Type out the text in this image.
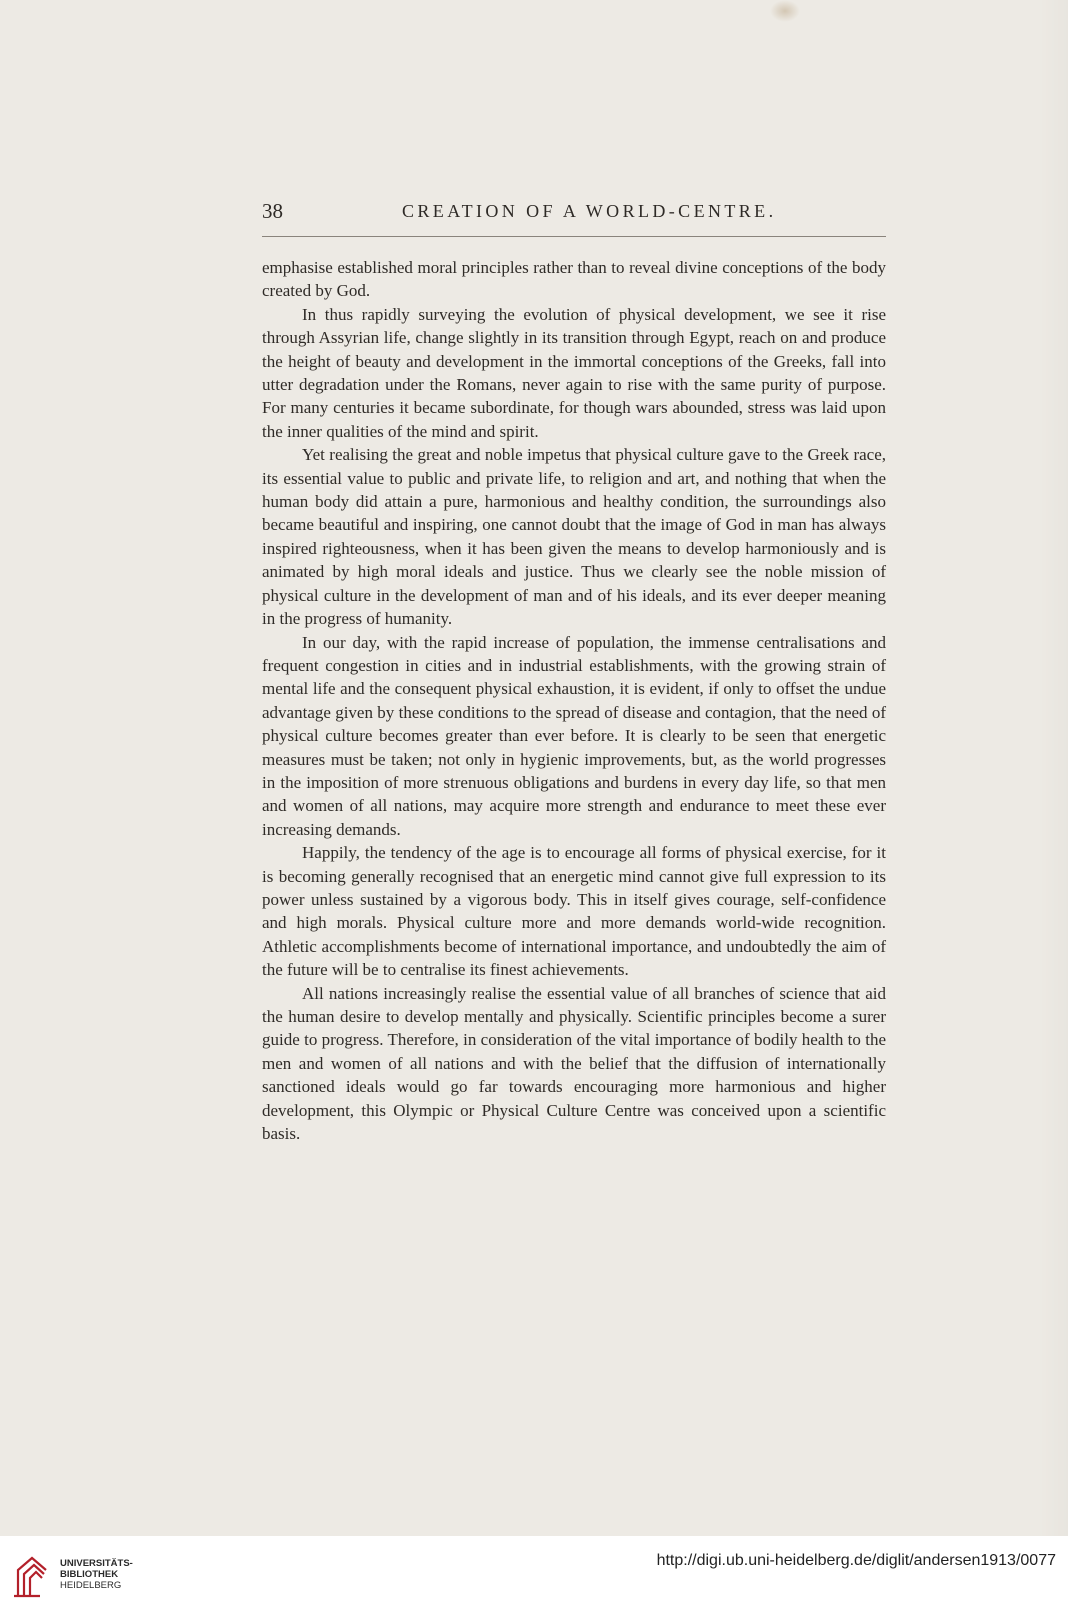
38	CREATION OF A WORLD-CENTRE.

emphasise established moral principles rather than to reveal divine conceptions of the body created by God.

In thus rapidly surveying the evolution of physical development, we see it rise through Assyrian life, change slightly in its transition through Egypt, reach on and produce the height of beauty and development in the immortal conceptions of the Greeks, fall into utter degradation under the Romans, never again to rise with the same purity of purpose. For many centuries it became subordinate, for though wars abounded, stress was laid upon the inner qualities of the mind and spirit.

Yet realising the great and noble impetus that physical culture gave to the Greek race, its essential value to public and private life, to religion and art, and nothing that when the human body did attain a pure, harmonious and healthy condition, the surroundings also became beautiful and inspiring, one cannot doubt that the image of God in man has always inspired righteousness, when it has been given the means to develop harmoniously and is animated by high moral ideals and justice. Thus we clearly see the noble mission of physical culture in the development of man and of his ideals, and its ever deeper meaning in the progress of humanity.

In our day, with the rapid increase of population, the immense centralisations and frequent congestion in cities and in industrial establishments, with the growing strain of mental life and the consequent physical exhaustion, it is evident, if only to offset the undue advantage given by these conditions to the spread of disease and contagion, that the need of physical culture becomes greater than ever before. It is clearly to be seen that energetic measures must be taken; not only in hygienic improvements, but, as the world progresses in the imposition of more strenuous obligations and burdens in every day life, so that men and women of all nations, may acquire more strength and endurance to meet these ever increasing demands.

Happily, the tendency of the age is to encourage all forms of physical exercise, for it is becoming generally recognised that an energetic mind cannot give full expression to its power unless sustained by a vigorous body. This in itself gives courage, self-confidence and high morals. Physical culture more and more demands world-wide recognition. Athletic accomplishments become of international importance, and undoubtedly the aim of the future will be to centralise its finest achievements.

All nations increasingly realise the essential value of all branches of science that aid the human desire to develop mentally and physically. Scientific principles become a surer guide to progress. Therefore, in consideration of the vital importance of bodily health to the men and women of all nations and with the belief that the diffusion of internationally sanctioned ideals would go far towards encouraging more harmonious and higher development, this Olympic or Physical Culture Centre was conceived upon a scientific basis.

UNIVERSITÄTS-
BIBLIOTHEK
HEIDELBERG
http://digi.ub.uni-heidelberg.de/diglit/andersen1913/0077
